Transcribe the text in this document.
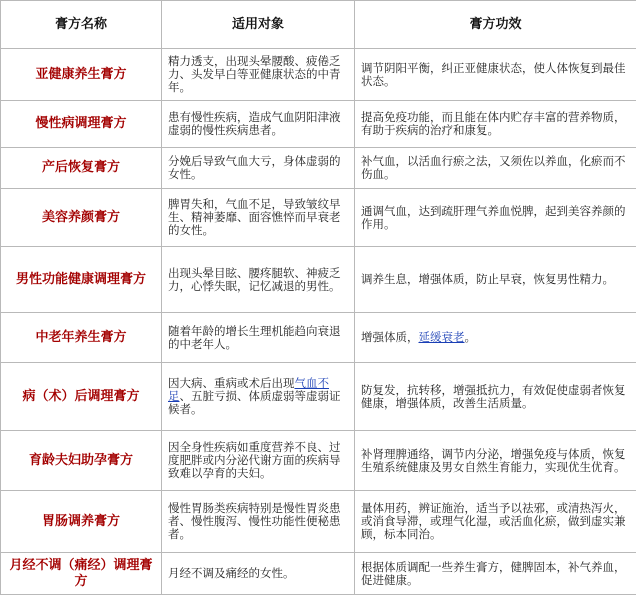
膏方名称	适用对象	膏方功效
亚健康养生膏方	精力透支，出现头晕腰酸、疲倦乏力、头发早白等亚健康状态的中青年。	调节阴阳平衡，纠正亚健康状态，使人体恢复到最佳状态。
慢性病调理膏方	患有慢性疾病，造成气血阴阳津液虚弱的慢性疾病患者。	提高免疫功能，而且能在体内贮存丰富的营养物质，有助于疾病的治疗和康复。
产后恢复膏方	分娩后导致气血大亏，身体虚弱的女性。	补气血，以活血行瘀之法，又须佐以养血，化瘀而不伤血。
美容养颜膏方	脾胃失和，气血不足，导致皱纹早生、精神萎靡、面容憔悴而早衰老的女性。	通调气血，达到疏肝理气养血悦脾，起到美容养颜的作用。
男性功能健康调理膏方	出现头晕目眩、腰疼腿软、神疲乏力，心悸失眠，记忆减退的男性。	调养生息，增强体质，防止早衰，恢复男性精力。
中老年养生膏方	随着年龄的增长生理机能趋向衰退的中老年人。	增强体质，延缓衰老。
病（术）后调理膏方	因大病、重病或术后出现气血不足、五脏亏损、体质虚弱等虚弱证候者。	防复发，抗转移，增强抵抗力，有效促使虚弱者恢复健康，增强体质，改善生活质量。
育龄夫妇助孕膏方	因全身性疾病如重度营养不良、过度肥胖或内分泌代谢方面的疾病导致难以孕育的夫妇。	补肾理脾通络，调节内分泌，增强免疫与体质，恢复生殖系统健康及男女自然生育能力，实现优生优育。
胃肠调养膏方	慢性胃肠类疾病特别是慢性胃炎患者、慢性腹泻、慢性功能性便秘患者。	量体用药，辨证施治，适当予以祛邪，或清热泻火，或消食导滞，或理气化湿，或活血化瘀，做到虚实兼顾，标本同治。
月经不调（痛经）调理膏方	月经不调及痛经的女性。	根据体质调配一些养生膏方，健脾固本，补气养血，促进健康。
